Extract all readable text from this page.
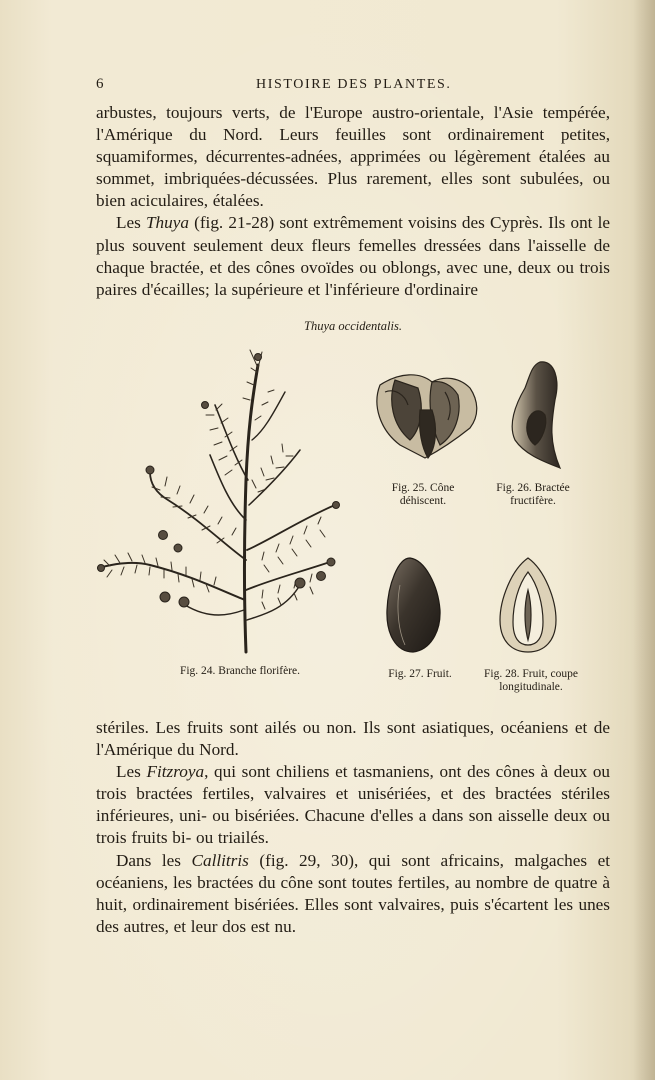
6	HISTOIRE DES PLANTES.

arbustes, toujours verts, de l'Europe austro-orientale, l'Asie tempérée, l'Amérique du Nord. Leurs feuilles sont ordinairement petites, squamiformes, décurrentes-adnées, apprimées ou légèrement étalées au sommet, imbriquées-décussées. Plus rarement, elles sont subulées, ou bien aciculaires, étalées.

Les Thuya (fig. 21-28) sont extrêmement voisins des Cyprès. Ils ont le plus souvent seulement deux fleurs femelles dressées dans l'aisselle de chaque bractée, et des cônes ovoïdes ou oblongs, avec une, deux ou trois paires d'écailles; la supérieure et l'inférieure d'ordinaire

Thuya occidentalis.
Fig. 24. Branche florifère.
Fig. 25. Cône
déhiscent.
Fig. 26. Bractée
fructifère.
Fig. 27. Fruit.	Fig. 28. Fruit, coupe
longitudinale.

stériles. Les fruits sont ailés ou non. Ils sont asiatiques, océaniens et de l'Amérique du Nord.

Les Fitzroya, qui sont chiliens et tasmaniens, ont des cônes à deux ou trois bractées fertiles, valvaires et unisériées, et des bractées stériles inférieures, uni- ou bisériées. Chacune d'elles a dans son aisselle deux ou trois fruits bi- ou triailés.

Dans les Callitris (fig. 29, 30), qui sont africains, malgaches et océaniens, les bractées du cône sont toutes fertiles, au nombre de quatre à huit, ordinairement bisériées. Elles sont valvaires, puis s'écartent les unes des autres, et leur dos est nu.
